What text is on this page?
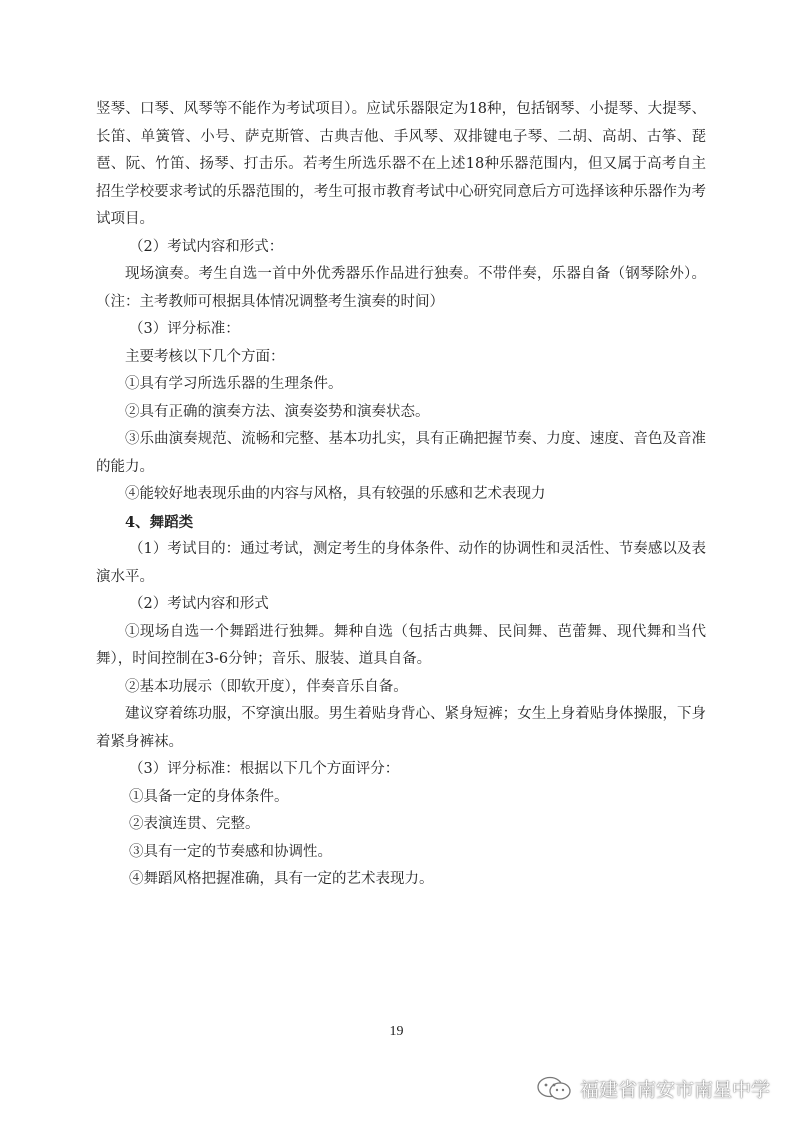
竖琴、口琴、风琴等不能作为考试项目）。应试乐器限定为18种，包括钢琴、小提琴、大提琴、长笛、单簧管、小号、萨克斯管、古典吉他、手风琴、双排键电子琴、二胡、高胡、古筝、琵琶、阮、竹笛、扬琴、打击乐。若考生所选乐器不在上述18种乐器范围内，但又属于高考自主招生学校要求考试的乐器范围的，考生可报市教育考试中心研究同意后方可选择该种乐器作为考试项目。

（2）考试内容和形式：

现场演奏。考生自选一首中外优秀器乐作品进行独奏。不带伴奏，乐器自备（钢琴除外）。（注：主考教师可根据具体情况调整考生演奏的时间）

（3）评分标准：

主要考核以下几个方面：

①具有学习所选乐器的生理条件。

②具有正确的演奏方法、演奏姿势和演奏状态。

③乐曲演奏规范、流畅和完整、基本功扎实，具有正确把握节奏、力度、速度、音色及音准的能力。

④能较好地表现乐曲的内容与风格，具有较强的乐感和艺术表现力

4、舞蹈类

（1）考试目的：通过考试，测定考生的身体条件、动作的协调性和灵活性、节奏感以及表演水平。

（2）考试内容和形式

①现场自选一个舞蹈进行独舞。舞种自选（包括古典舞、民间舞、芭蕾舞、现代舞和当代舞），时间控制在3-6分钟；音乐、服装、道具自备。

②基本功展示（即软开度），伴奏音乐自备。

建议穿着练功服，不穿演出服。男生着贴身背心、紧身短裤；女生上身着贴身体操服，下身着紧身裤袜。

（3）评分标准：根据以下几个方面评分：

①具备一定的身体条件。

②表演连贯、完整。

③具有一定的节奏感和协调性。

④舞蹈风格把握准确，具有一定的艺术表现力。

19
福建省南安市南星中学
